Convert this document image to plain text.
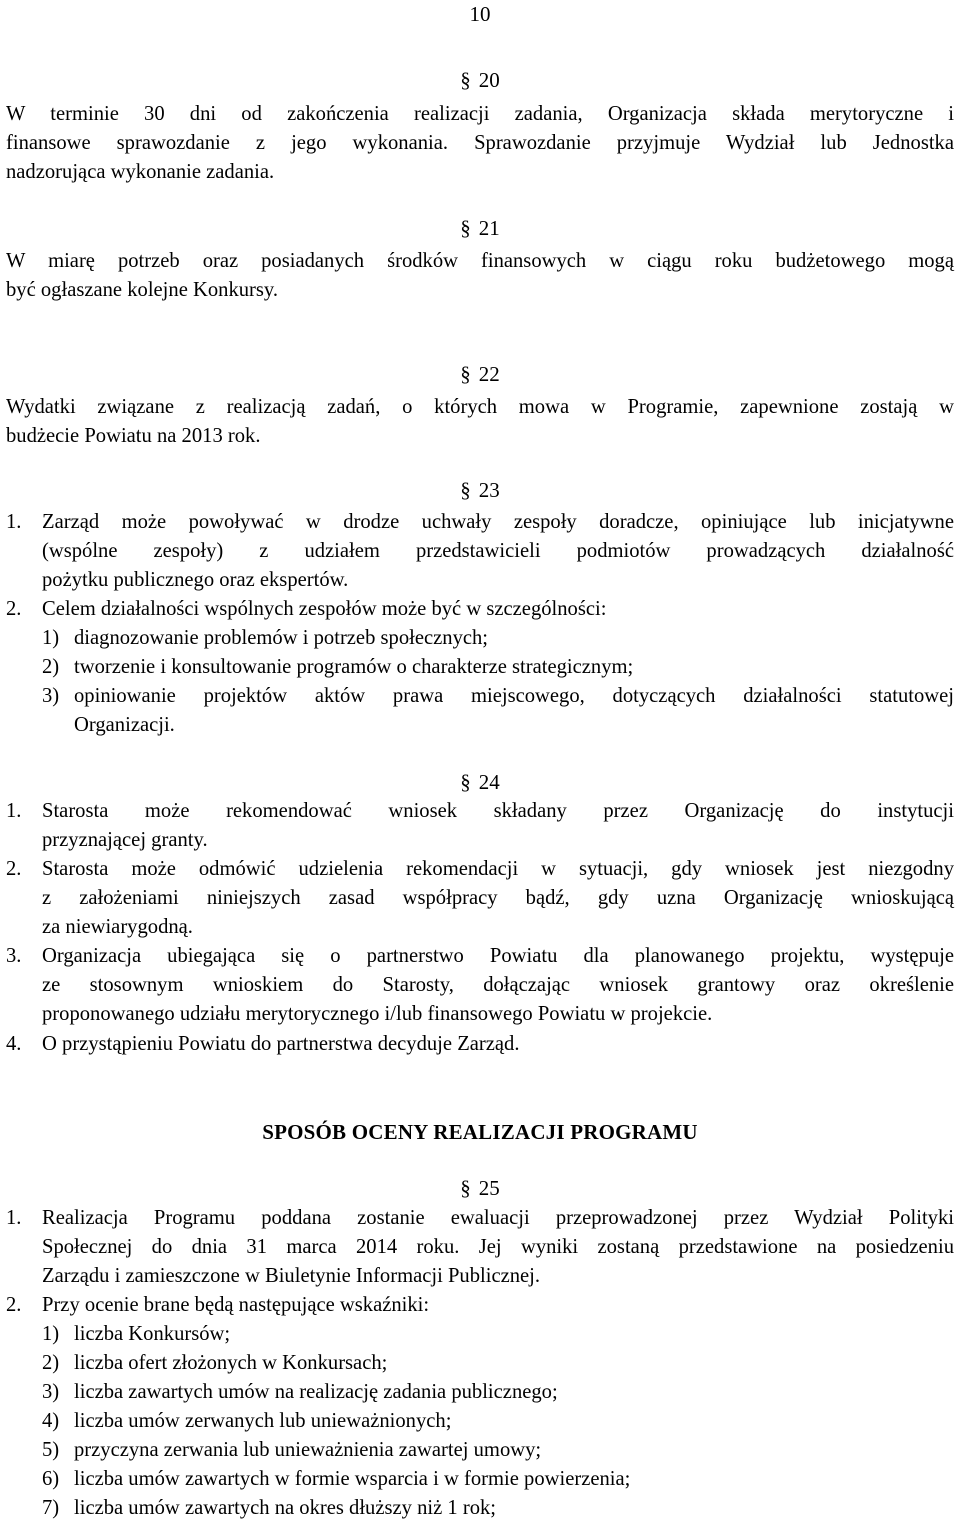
10
§ 20
W terminie 30 dni od zakończenia realizacji zadania, Organizacja składa merytoryczne i
finansowe sprawozdanie z jego wykonania. Sprawozdanie przyjmuje Wydział lub Jednostka
nadzorująca wykonanie zadania.
§ 21
W miarę potrzeb oraz posiadanych środków finansowych w ciągu roku budżetowego mogą
być ogłaszane kolejne Konkursy.
§ 22
Wydatki związane z realizacją zadań, o których mowa w Programie, zapewnione zostają w
budżecie Powiatu na 2013 rok.
§ 23
1. Zarząd może powoływać w drodze uchwały zespoły doradcze, opiniujące lub inicjatywne
(wspólne zespoły) z udziałem przedstawicieli podmiotów prowadzących działalność
pożytku publicznego oraz ekspertów.
2. Celem działalności wspólnych zespołów może być w szczególności:
1) diagnozowanie problemów i potrzeb społecznych;
2) tworzenie i konsultowanie programów o charakterze strategicznym;
3) opiniowanie projektów aktów prawa miejscowego, dotyczących działalności statutowej
Organizacji.
§ 24
1. Starosta może rekomendować wniosek składany przez Organizację do instytucji
przyznającej granty.
2. Starosta może odmówić udzielenia rekomendacji w sytuacji, gdy wniosek jest niezgodny
z założeniami niniejszych zasad współpracy bądź, gdy uzna Organizację wnioskującą
za niewiarygodną.
3. Organizacja ubiegająca się o partnerstwo Powiatu dla planowanego projektu, występuje
ze stosownym wnioskiem do Starosty, dołączając wniosek grantowy oraz określenie
proponowanego udziału merytorycznego i/lub finansowego Powiatu w projekcie.
4. O przystąpieniu Powiatu do partnerstwa decyduje Zarząd.
SPOSÓB OCENY REALIZACJI PROGRAMU
§ 25
1. Realizacja Programu poddana zostanie ewaluacji przeprowadzonej przez Wydział Polityki
Społecznej do dnia 31 marca 2014 roku. Jej wyniki zostaną przedstawione na posiedzeniu
Zarządu i zamieszczone w Biuletynie Informacji Publicznej.
2. Przy ocenie brane będą następujące wskaźniki:
1) liczba Konkursów;
2) liczba ofert złożonych w Konkursach;
3) liczba zawartych umów na realizację zadania publicznego;
4) liczba umów zerwanych lub unieważnionych;
5) przyczyna zerwania lub unieważnienia zawartej umowy;
6) liczba umów zawartych w formie wsparcia i w formie powierzenia;
7) liczba umów zawartych na okres dłuższy niż 1 rok;
